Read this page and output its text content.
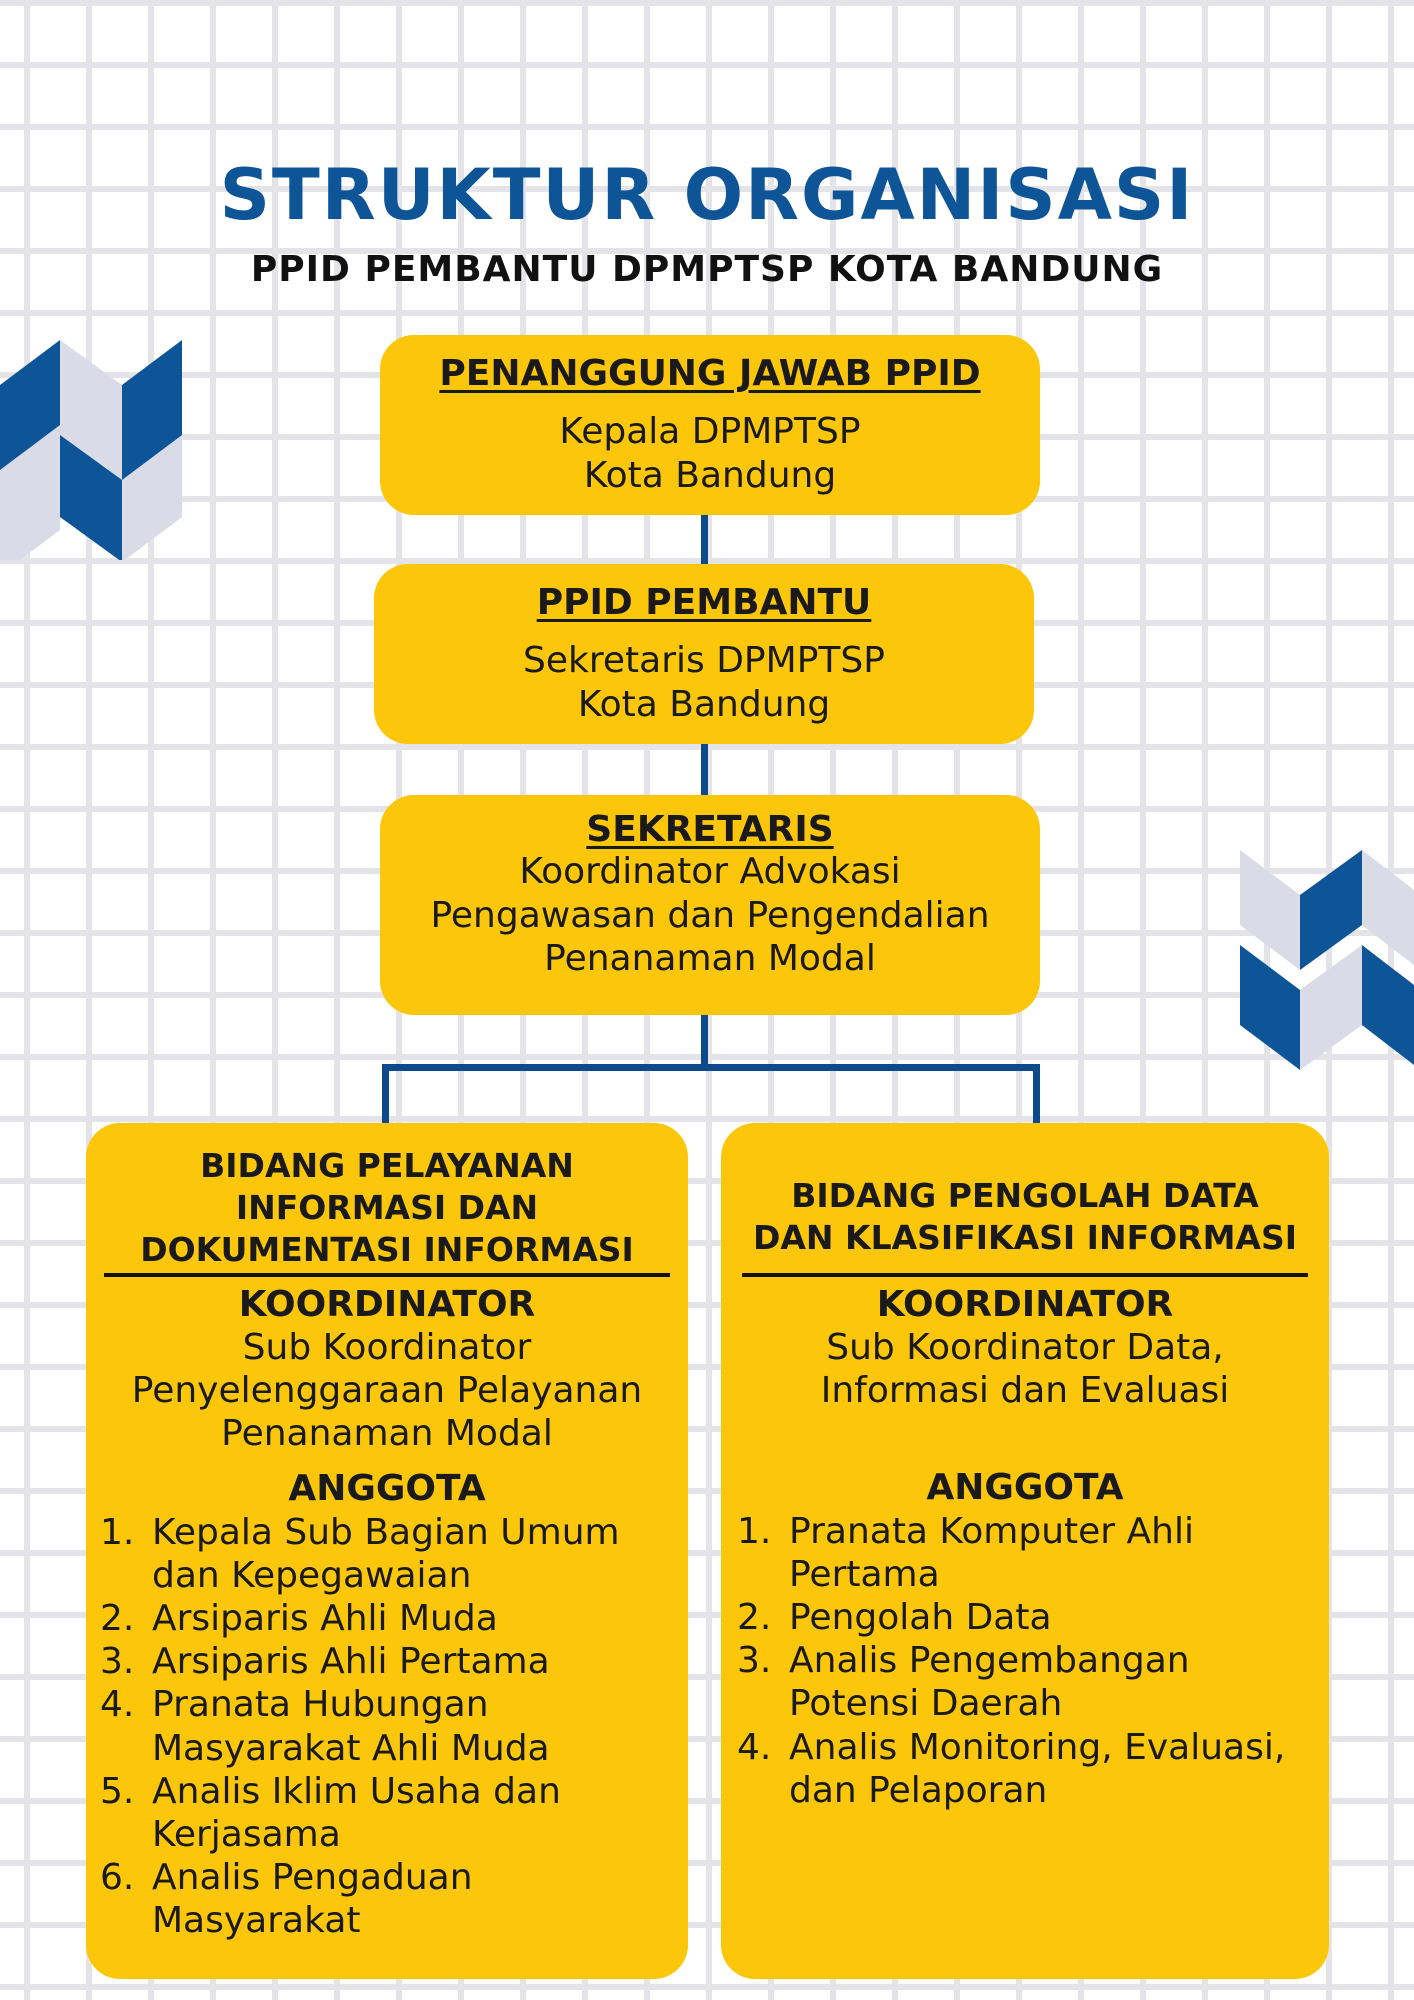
STRUKTUR ORGANISASI
PPID PEMBANTU DPMPTSP KOTA BANDUNG
PENANGGUNG JAWAB PPID
Kepala DPMPTSP
Kota Bandung
PPID PEMBANTU
Sekretaris DPMPTSP
Kota Bandung
SEKRETARIS
Koordinator Advokasi
Pengawasan dan Pengendalian
Penanaman Modal
BIDANG PELAYANAN
INFORMASI DAN
DOKUMENTASI INFORMASI
KOORDINATOR
Sub Koordinator
Penyelenggaraan Pelayanan
Penanaman Modal
ANGGOTA
1. Kepala Sub Bagian Umum
dan Kepegawaian
2. Arsiparis Ahli Muda
3. Arsiparis Ahli Pertama
4. Pranata Hubungan
Masyarakat Ahli Muda
5. Analis Iklim Usaha dan
Kerjasama
6. Analis Pengaduan
Masyarakat
BIDANG PENGOLAH DATA
DAN KLASIFIKASI INFORMASI
KOORDINATOR
Sub Koordinator Data,
Informasi dan Evaluasi
ANGGOTA
1. Pranata Komputer Ahli
Pertama
2. Pengolah Data
3. Analis Pengembangan
Potensi Daerah
4. Analis Monitoring, Evaluasi,
dan Pelaporan
